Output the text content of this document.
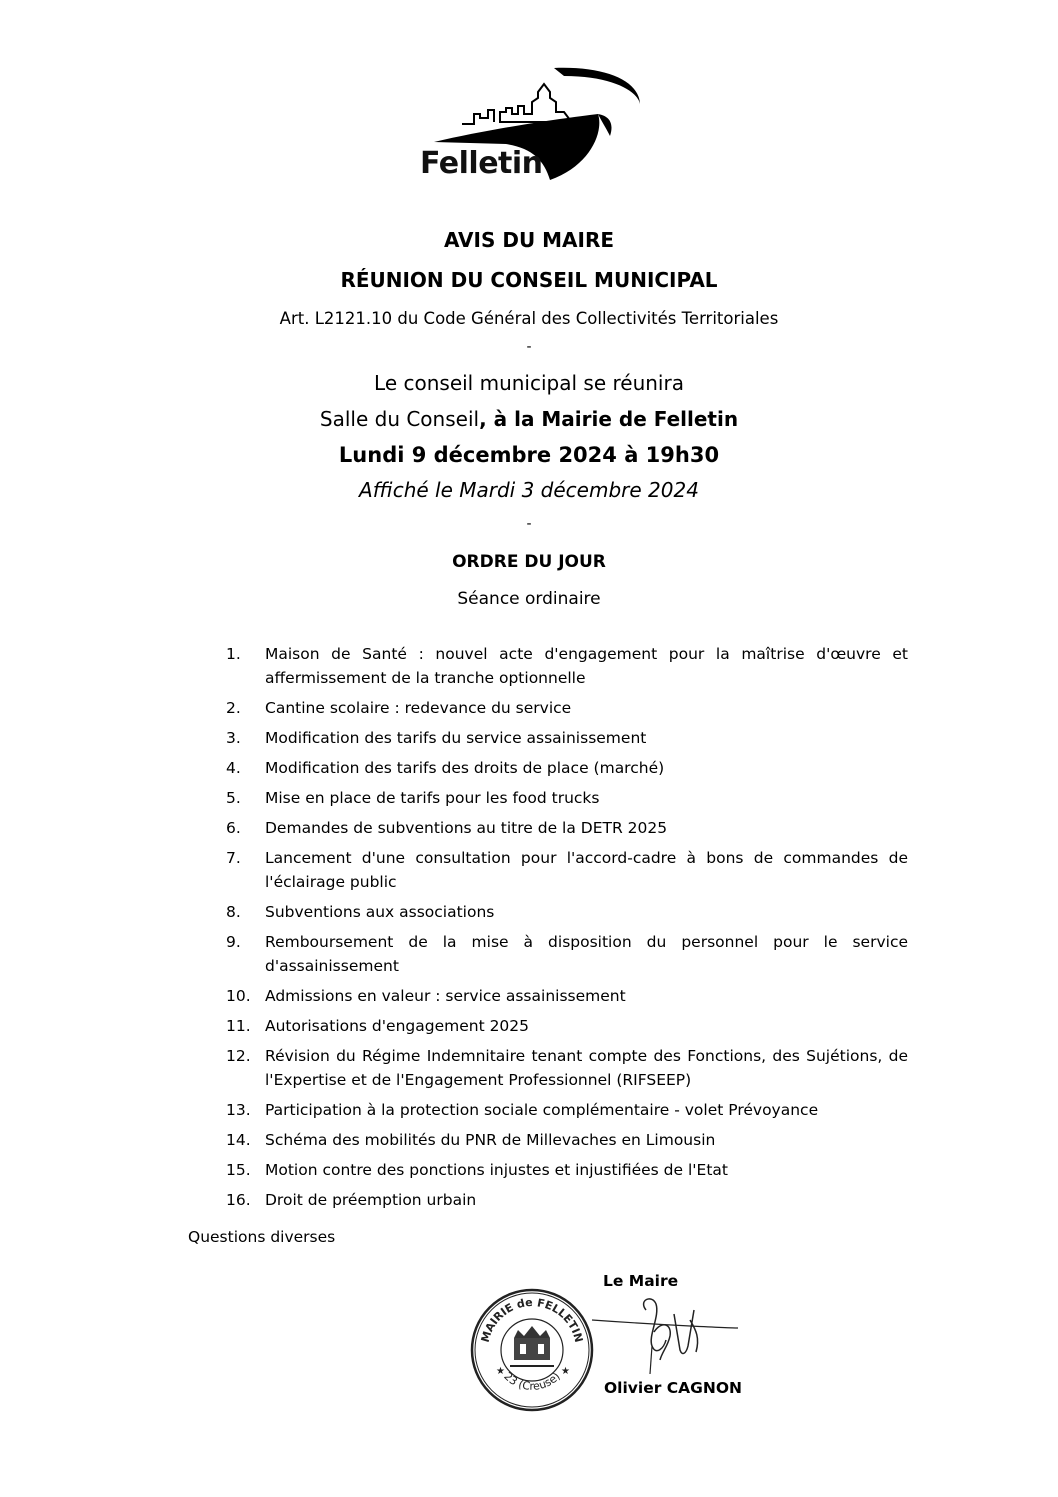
Felletin
AVIS DU MAIRE
RÉUNION DU CONSEIL MUNICIPAL
Art. L2121.10 du Code Général des Collectivités Territoriales
-
Le conseil municipal se réunira
Salle du Conseil, à la Mairie de Felletin
Lundi 9 décembre 2024 à 19h30
Affiché le Mardi 3 décembre 2024
-
ORDRE DU JOUR
Séance ordinaire
1.	Maison de Santé : nouvel acte d'engagement pour la maîtrise d'œuvre et affermissement de la tranche optionnelle
2.	Cantine scolaire : redevance du service
3.	Modification des tarifs du service assainissement
4.	Modification des tarifs des droits de place (marché)
5.	Mise en place de tarifs pour les food trucks
6.	Demandes de subventions au titre de la DETR 2025
7.	Lancement d'une consultation pour l'accord-cadre à bons de commandes de l'éclairage public
8.	Subventions aux associations
9.	Remboursement de la mise à disposition du personnel pour le service d'assainissement
10. Admissions en valeur : service assainissement
11. Autorisations d'engagement 2025
12. Révision du Régime Indemnitaire tenant compte des Fonctions, des Sujétions, de l'Expertise et de l'Engagement Professionnel (RIFSEEP)
13. Participation à la protection sociale complémentaire - volet Prévoyance
14. Schéma des mobilités du PNR de Millevaches en Limousin
15. Motion contre des ponctions injustes et injustifiées de l'Etat
16. Droit de préemption urbain
Questions diverses
Le Maire
MAIRIE de FELLETIN
23 (Creuse)
★	★
Olivier CAGNON
